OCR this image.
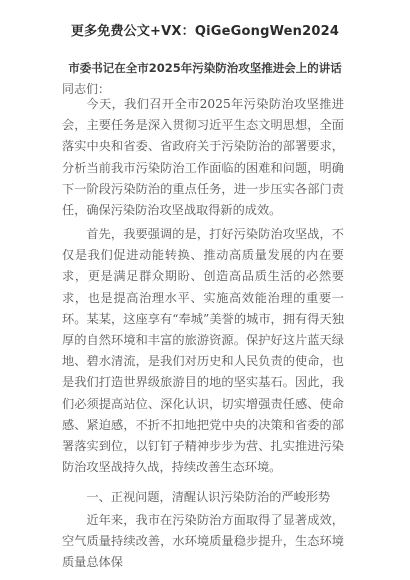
更多免费公文+VX：QiGeGongWen2024
市委书记在全市2025年污染防治攻坚推进会上的讲话
同志们：

今天，我们召开全市2025年污染防治攻坚推进会，主要任务是深入贯彻习近平生态文明思想，全面落实中央和省委、省政府关于污染防治的部署要求，分析当前我市污染防治工作面临的困难和问题，明确下一阶段污染防治的重点任务，进一步压实各部门责任，确保污染防治攻坚战取得新的成效。

首先，我要强调的是，打好污染防治攻坚战，不仅是我们促进动能转换、推动高质量发展的内在要求，更是满足群众期盼、创造高品质生活的必然要求，也是提高治理水平、实施高效能治理的重要一环。某某，这座享有“奉城”美誉的城市，拥有得天独厚的自然环境和丰富的旅游资源。保护好这片蓝天绿地、碧水清流，是我们对历史和人民负责的使命，也是我们打造世界级旅游目的地的坚实基石。因此，我们必须提高站位、深化认识，切实增强责任感、使命感、紧迫感，不折不扣地把党中央的决策和省委的部署落实到位，以钉钉子精神步步为营、扎实推进污染防治攻坚战持久战，持续改善生态环境。

一、正视问题，清醒认识污染防治的严峻形势

近年来，我市在污染防治方面取得了显著成效，空气质量持续改善，水环境质量稳步提升，生态环境质量总体保
